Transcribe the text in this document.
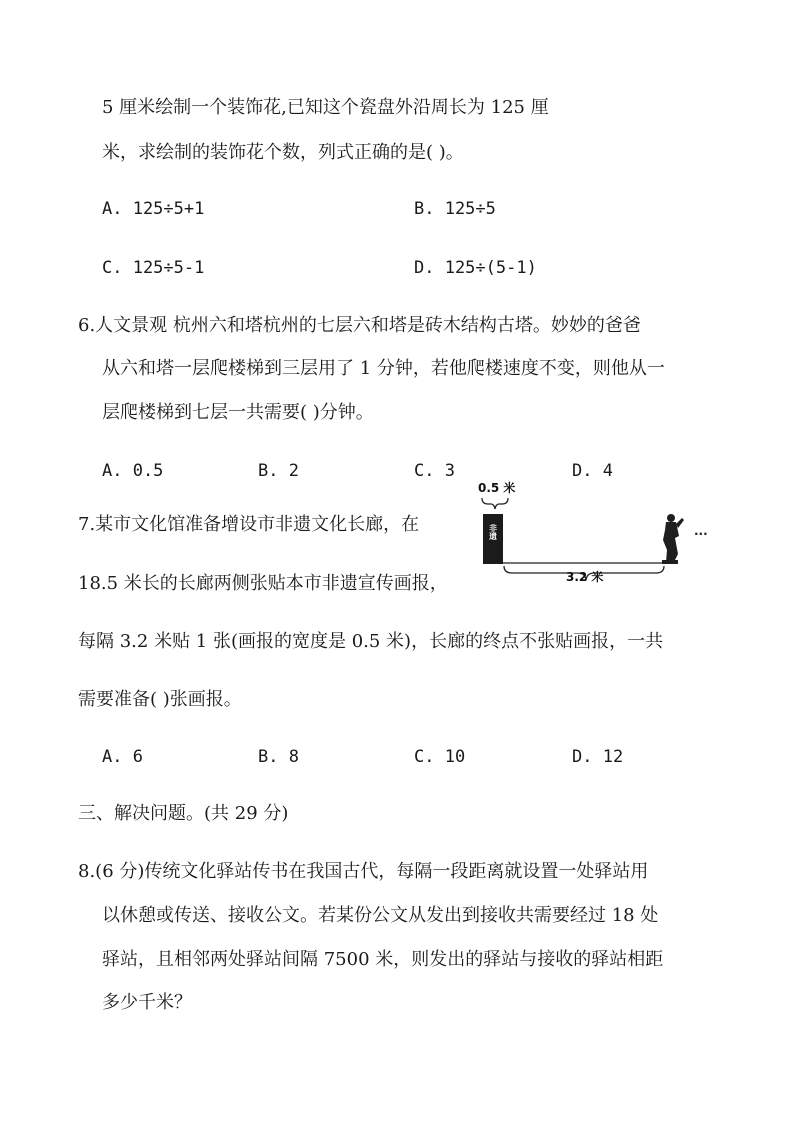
5 厘米绘制一个装饰花,已知这个瓷盘外沿周长为 125 厘
米，求绘制的装饰花个数，列式正确的是( )。
A. 125÷5+1	B. 125÷5
C. 125÷5-1	D. 125÷(5-1)
6.人文景观 杭州六和塔杭州的七层六和塔是砖木结构古塔。妙妙的爸爸
从六和塔一层爬楼梯到三层用了 1 分钟，若他爬楼速度不变，则他从一
层爬楼梯到七层一共需要( )分钟。
A. 0.5	B. 2	C. 3	D. 4
7.某市文化馆准备增设市非遗文化长廊，在
18.5 米长的长廊两侧张贴本市非遗宣传画报，
每隔 3.2 米贴 1 张(画报的宽度是 0.5 米)，长廊的终点不张贴画报，一共
需要准备( )张画报。
A. 6	B. 8	C. 10	D. 12
0.5 米
非遗
3.2 米
···
三、解决问题。(共 29 分)
8.(6 分)传统文化驿站传书在我国古代，每隔一段距离就设置一处驿站用
以休憩或传送、接收公文。若某份公文从发出到接收共需要经过 18 处
驿站，且相邻两处驿站间隔 7500 米，则发出的驿站与接收的驿站相距
多少千米？
